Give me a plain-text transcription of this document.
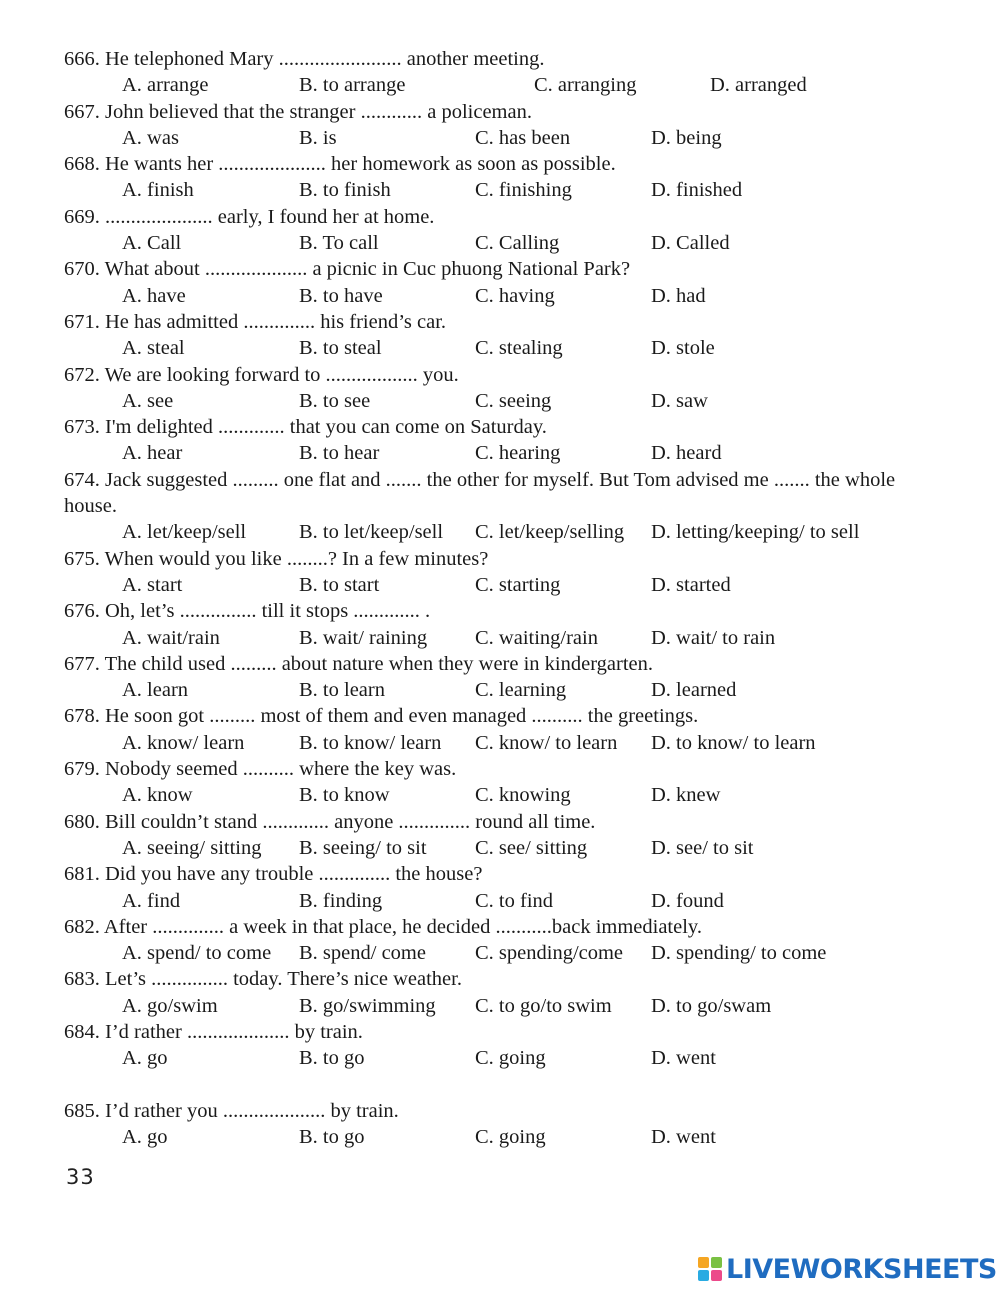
666. He telephoned Mary ........................ another meeting.
A. arrange	B. to arrange	C. arranging	D. arranged
667. John believed that the stranger ............ a policeman.
A. was	B. is	C. has been	D. being
668. He wants her ..................... her homework as soon as possible.
A. finish	B. to finish	C. finishing	D. finished
669. ..................... early, I found her at home.
A. Call	B. To call	C. Calling	D. Called
670. What about .................... a picnic in Cuc phuong National Park?
A. have	B. to have	C. having	D. had
671. He has admitted .............. his friend’s car.
A. steal	B. to steal	C. stealing	D. stole
672. We are looking forward to .................. you.
A. see	B. to see	C. seeing	D. saw
673. I'm delighted ............. that you can come on Saturday.
A. hear	B. to hear	C. hearing	D. heard
674. Jack suggested ......... one flat and ....... the other for myself. But Tom advised me ....... the whole house.
A. let/keep/sell	B. to let/keep/sell C. let/keep/selling D. letting/keeping/ to sell
675. When would you like ........? In a few minutes?
A. start	B. to start	C. starting	D. started
676. Oh, let’s ............... till it stops ............. .
A. wait/rain	B. wait/ raining C. waiting/rain	D. wait/ to rain
677. The child used ......... about nature when they were in kindergarten.
A. learn	B. to learn	C. learning	D. learned
678. He soon got ......... most of them and even managed .......... the greetings.
A. know/ learn	B. to know/ learn C. know/ to learn D. to know/ to learn
679. Nobody seemed .......... where the key was.
A. know	B. to know	C. knowing	D. knew
680. Bill couldn’t stand ............. anyone .............. round all time.
A. seeing/ sitting B. seeing/ to sit C. see/ sitting	D. see/ to sit
681. Did you have any trouble .............. the house?
A. find	B. finding	C. to find	D. found
682. After .............. a week in that place, he decided ...........back immediately.
A. spend/ to come B. spend/ come C. spending/come D. spending/ to come
683. Let’s ............... today. There’s nice weather.
A. go/swim	B. go/swimming C. to go/to swim D. to go/swam
684. I’d rather .................... by train.
A. go	B. to go	C. going	D. went
685. I’d rather you .................... by train.
A. go	B. to go	C. going	D. went
33
LIVEWORKSHEETS
